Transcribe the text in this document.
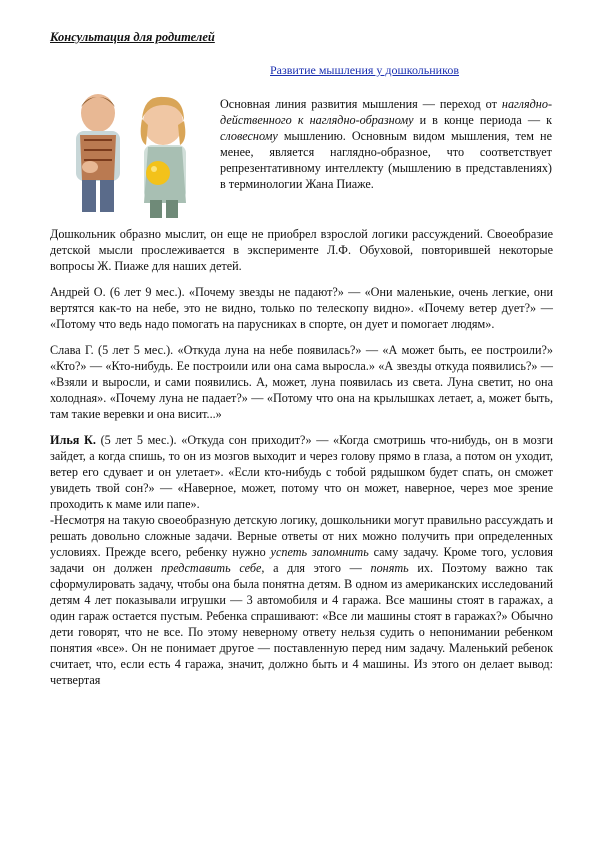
Консультация для родителей
Развитие мышления у дошкольников
Основная линия развития мышления — переход от наглядно-действенного к наглядно-образному и в конце периода — к словесному мышлению. Основным видом мышления, тем не менее, является наглядно-образное, что соответствует репрезентативному интеллекту (мышлению в представлениях) в терминологии Жана Пиаже.

Дошкольник образно мыслит, он еще не приобрел взрослой логики рассуждений. Своеобразие детской мысли прослеживается в эксперименте Л.Ф. Обуховой, повторившей некоторые вопросы Ж. Пиаже для наших детей.

Андрей О. (6 лет 9 мес.). «Почему звезды не падают?» — «Они маленькие, очень легкие, они вертятся как-то на небе, это не видно, только по телескопу видно». «Почему ветер дует?» — «Потому что ведь надо помогать на парусниках в спорте, он дует и помогает людям».

Слава Г. (5 лет 5 мес.). «Откуда луна на небе появилась?» — «А может быть, ее построили?» «Кто?» — «Кто-нибудь. Ее построили или она сама выросла.» «А звезды откуда появились?» — «Взяли и выросли, и сами появились. А, может, луна появилась из света. Луна светит, но она холодная». «Почему луна не падает?» — «Потому что она на крылышках летает, а, может быть, там такие веревки и она висит...»

Илья К. (5 лет 5 мес.). «Откуда сон приходит?» — «Когда смотришь что-нибудь, он в мозги зайдет, а когда спишь, то он из мозгов выходит и через голову прямо в глаза, а потом он уходит, ветер его сдувает и он улетает». «Если кто-нибудь с тобой рядышком будет спать, он сможет увидеть твой сон?» — «Наверное, может, потому что он может, наверное, через мое зрение проходить к маме или папе».

-Несмотря на такую своеобразную детскую логику, дошкольники могут правильно рассуждать и решать довольно сложные задачи. Верные ответы от них можно получить при определенных условиях. Прежде всего, ребенку нужно успеть запомнить саму задачу. Кроме того, условия задачи он должен представить себе, а для этого — понять их. Поэтому важно так сформулировать задачу, чтобы она была понятна детям. В одном из американских исследований детям 4 лет показывали игрушки — 3 автомобиля и 4 гаража. Все машины стоят в гаражах, а один гараж остается пустым. Ребенка спрашивают: «Все ли машины стоят в гаражах?» Обычно дети говорят, что не все. По этому неверному ответу нельзя судить о непонимании ребенком понятия «все». Он не понимает другое — поставленную перед ним задачу. Маленький ребенок считает, что, если есть 4 гаража, значит, должно быть и 4 машины. Из этого он делает вывод: четвертая
